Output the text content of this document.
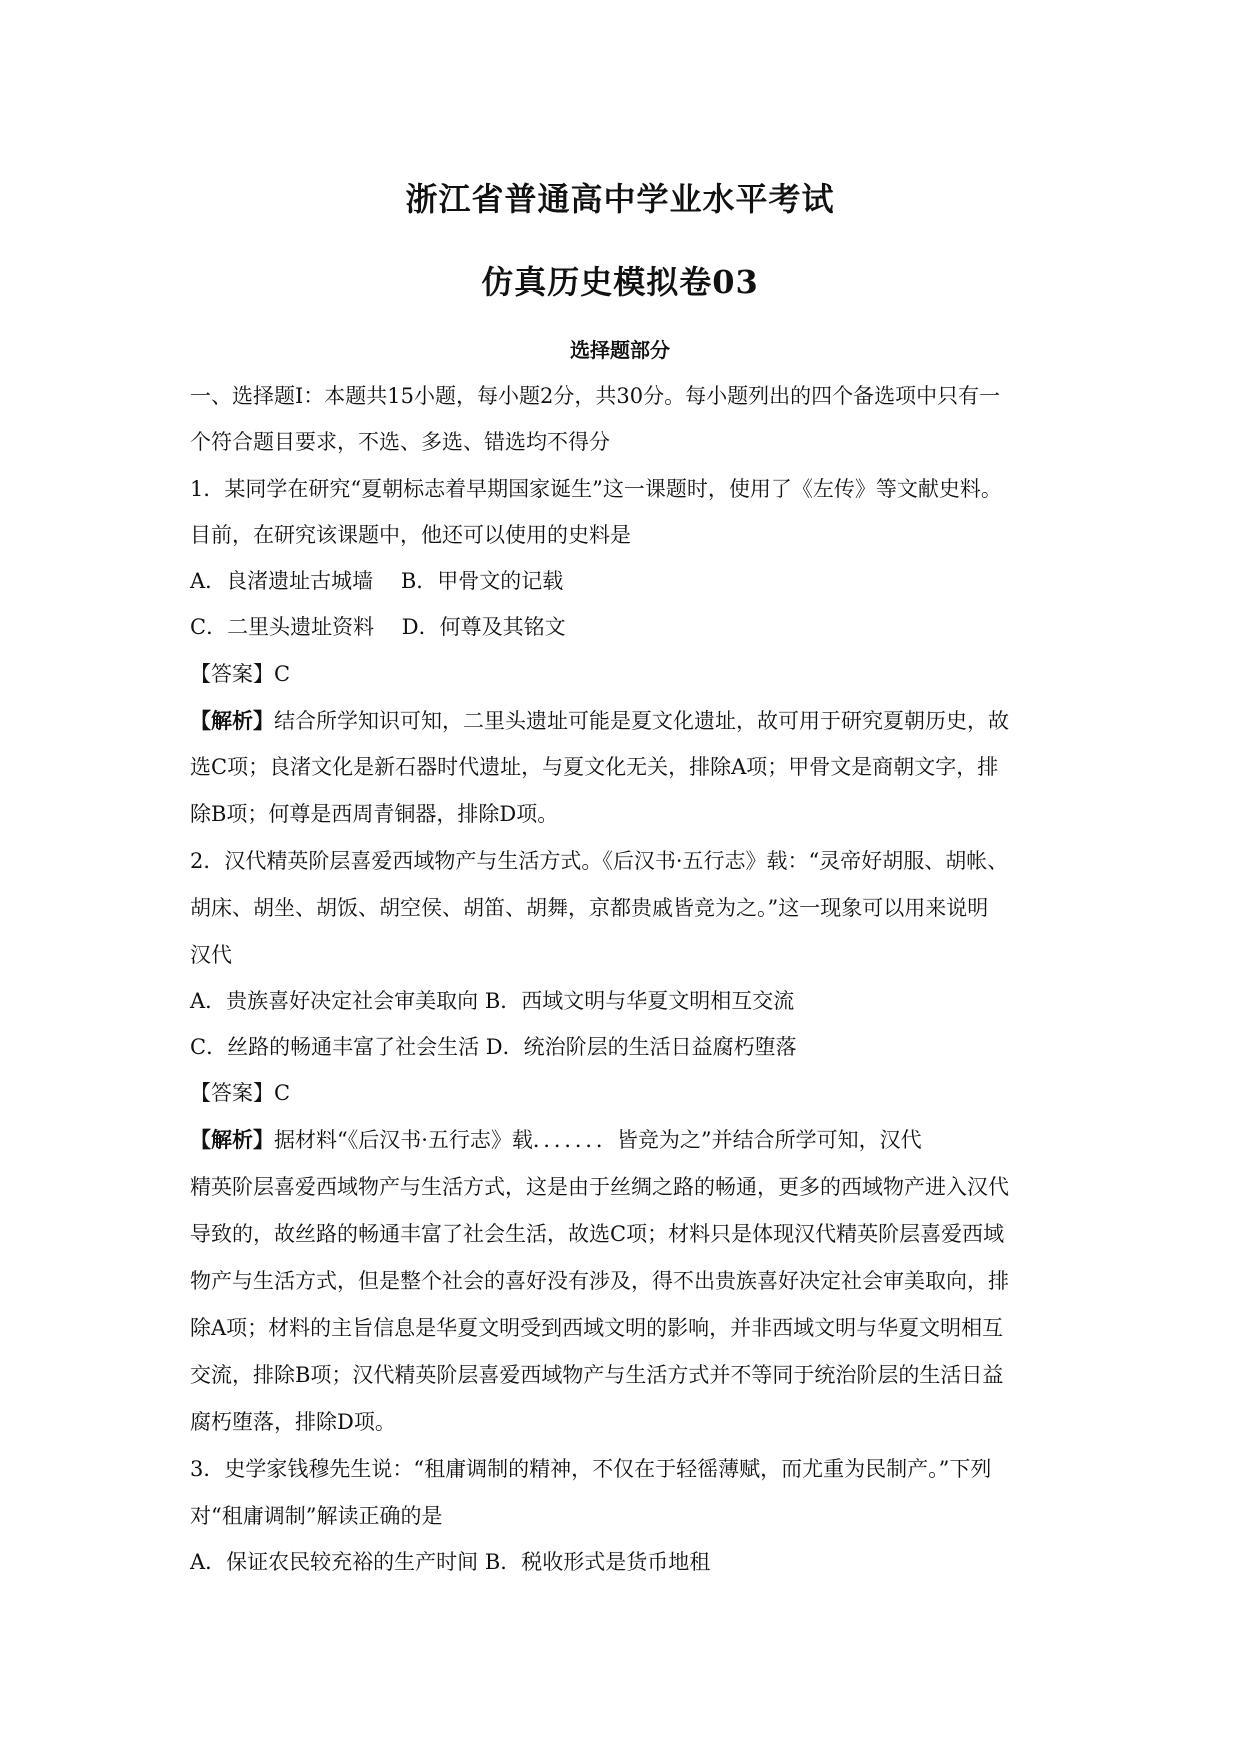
浙江省普通高中学业水平考试
仿真历史模拟卷03
选择题部分
一、选择题I：本题共15小题，每小题2分，共30分。每小题列出的四个备选项中只有一
个符合题目要求，不选、多选、错选均不得分
1．某同学在研究“夏朝标志着早期国家诞生”这一课题时，使用了《左传》等文献史料。
目前，在研究该课题中，他还可以使用的史料是
A．良渚遗址古城墙　 B．甲骨文的记载
C．二里头遗址资料　 D．何尊及其铭文
【答案】C
【解析】结合所学知识可知，二里头遗址可能是夏文化遗址，故可用于研究夏朝历史，故
选C项；良渚文化是新石器时代遗址，与夏文化无关，排除A项；甲骨文是商朝文字，排
除B项；何尊是西周青铜器，排除D项。
2．汉代精英阶层喜爱西域物产与生活方式。《后汉书·五行志》载：“灵帝好胡服、胡帐、
胡床、胡坐、胡饭、胡空侯、胡笛、胡舞，京都贵戚皆竞为之。”这一现象可以用来说明
汉代
A．贵族喜好决定社会审美取向 B．西域文明与华夏文明相互交流
C．丝路的畅通丰富了社会生活 D．统治阶层的生活日益腐朽堕落
【答案】C
【解析】据材料“《后汉书·五行志》载．．．．．．．皆竞为之”并结合所学可知，汉代
精英阶层喜爱西域物产与生活方式，这是由于丝绸之路的畅通，更多的西域物产进入汉代
导致的，故丝路的畅通丰富了社会生活，故选C项；材料只是体现汉代精英阶层喜爱西域
物产与生活方式，但是整个社会的喜好没有涉及，得不出贵族喜好决定社会审美取向，排
除A项；材料的主旨信息是华夏文明受到西域文明的影响，并非西域文明与华夏文明相互
交流，排除B项；汉代精英阶层喜爱西域物产与生活方式并不等同于统治阶层的生活日益
腐朽堕落，排除D项。
3．史学家钱穆先生说：“租庸调制的精神，不仅在于轻徭薄赋，而尤重为民制产。”下列
对“租庸调制”解读正确的是
A．保证农民较充裕的生产时间 B．税收形式是货币地租
